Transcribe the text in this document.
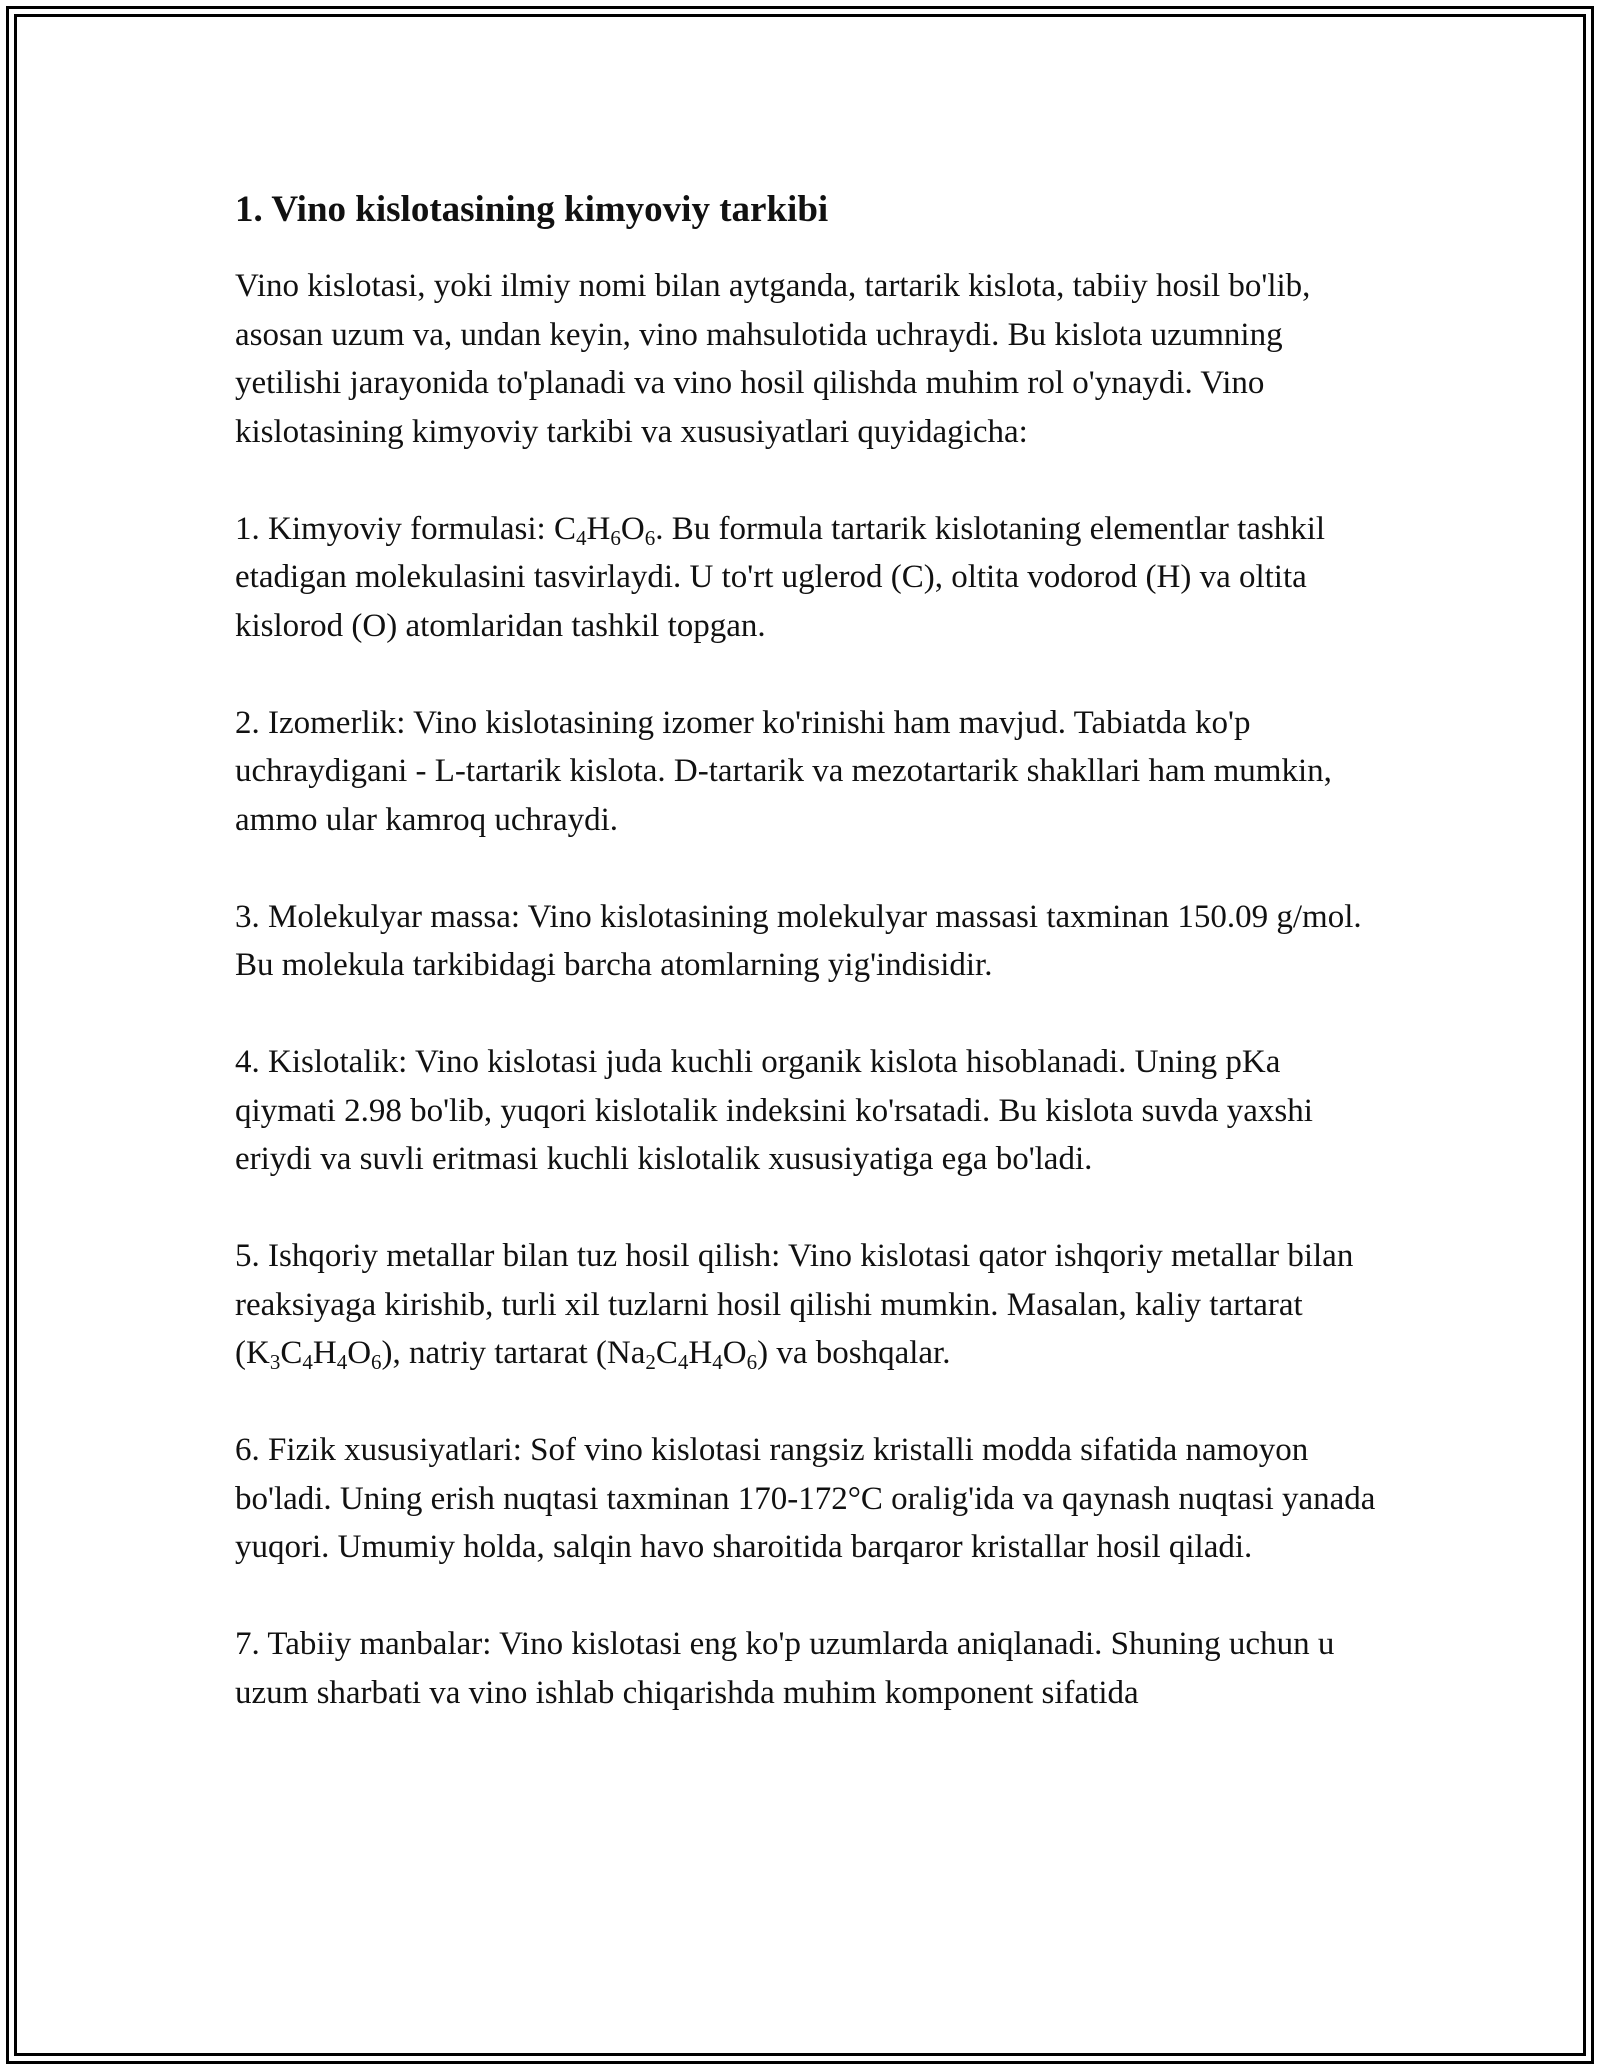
1. Vino kislotasining kimyoviy tarkibi

Vino kislotasi, yoki ilmiy nomi bilan aytganda, tartarik kislota, tabiiy hosil bo'lib, asosan uzum va, undan keyin, vino mahsulotida uchraydi. Bu kislota uzumning yetilishi jarayonida to'planadi va vino hosil qilishda muhim rol o'ynaydi. Vino kislotasining kimyoviy tarkibi va xususiyatlari quyidagicha:

1. Kimyoviy formulasi: $C_4H_6O_6$. Bu formula tartarik kislotaning elementlar tashkil etadigan molekulasini tasvirlaydi. U to'rt uglerod (C), oltita vodorod (H) va oltita kislorod (O) atomlaridan tashkil topgan.

2. Izomerlik: Vino kislotasining izomer ko'rinishi ham mavjud. Tabiatda ko'p uchraydigani - L-tartarik kislota. D-tartarik va mezotartarik shakllari ham mumkin, ammo ular kamroq uchraydi.

3. Molekulyar massa: Vino kislotasining molekulyar massasi taxminan 150.09 g/mol. Bu molekula tarkibidagi barcha atomlarning yig'indisidir.

4. Kislotalik: Vino kislotasi juda kuchli organik kislota hisoblanadi. Uning pKa qiymati 2.98 bo'lib, yuqori kislotalik indeksini ko'rsatadi. Bu kislota suvda yaxshi eriydi va suvli eritmasi kuchli kislotalik xususiyatiga ega bo'ladi.

5. Ishqoriy metallar bilan tuz hosil qilish: Vino kislotasi qator ishqoriy metallar bilan reaksiyaga kirishib, turli xil tuzlarni hosil qilishi mumkin. Masalan, kaliy tartarat $(K_3C_4H_4O_6)$, natriy tartarat $(Na_2C_4H_4O_6)$ va boshqalar.

6. Fizik xususiyatlari: Sof vino kislotasi rangsiz kristalli modda sifatida namoyon bo'ladi. Uning erish nuqtasi taxminan 170-172°C oralig'ida va qaynash nuqtasi yanada yuqori. Umumiy holda, salqin havo sharoitida barqaror kristallar hosil qiladi.

7. Tabiiy manbalar: Vino kislotasi eng ko'p uzumlarda aniqlanadi. Shuning uchun u uzum sharbati va vino ishlab chiqarishda muhim komponent sifatida
